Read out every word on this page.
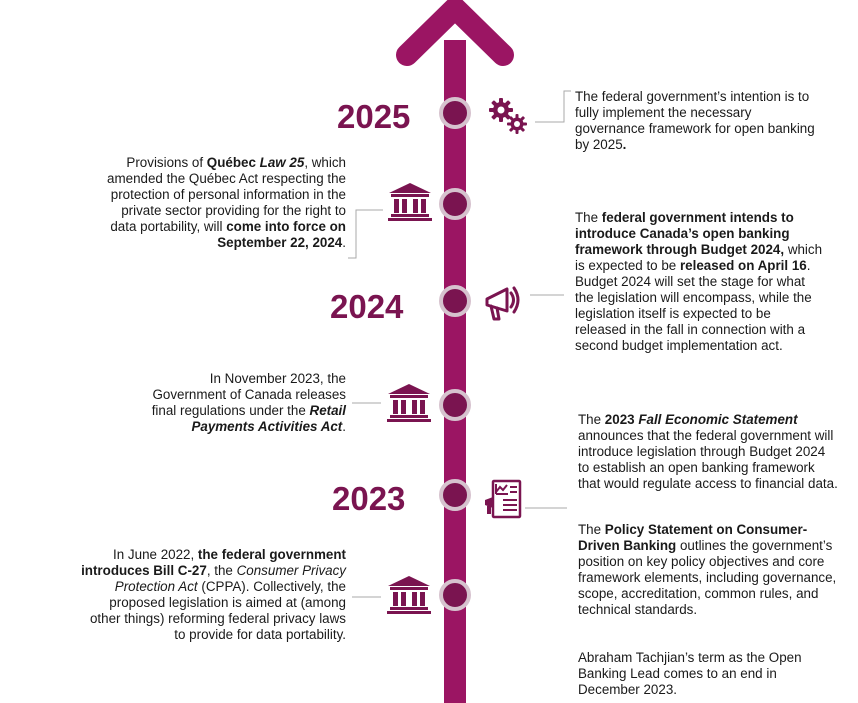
2025
2024
2023

The federal government’s intention is to fully implement the necessary governance framework for open banking by 2025.

The federal government intends to introduce Canada’s open banking framework through Budget 2024, which is expected to be released on April 16. Budget 2024 will set the stage for what the legislation will encompass, while the legislation itself is expected to be released in the fall in connection with a second budget implementation act.

The 2023 Fall Economic Statement announces that the federal government will introduce legislation through Budget 2024 to establish an open banking framework that would regulate access to financial data.

The Policy Statement on Consumer-Driven Banking outlines the government’s position on key policy objectives and core framework elements, including governance, scope, accreditation, common rules, and technical standards.

Abraham Tachjian’s term as the Open Banking Lead comes to an end in December 2023.

Provisions of Québec Law 25, which amended the Québec Act respecting the protection of personal information in the private sector providing for the right to data portability, will come into force on September 22, 2024.

In November 2023, the Government of Canada releases final regulations under the Retail Payments Activities Act.

In June 2022, the federal government introduces Bill C-27, the Consumer Privacy Protection Act (CPPA). Collectively, the proposed legislation is aimed at (among other things) reforming federal privacy laws to provide for data portability.
